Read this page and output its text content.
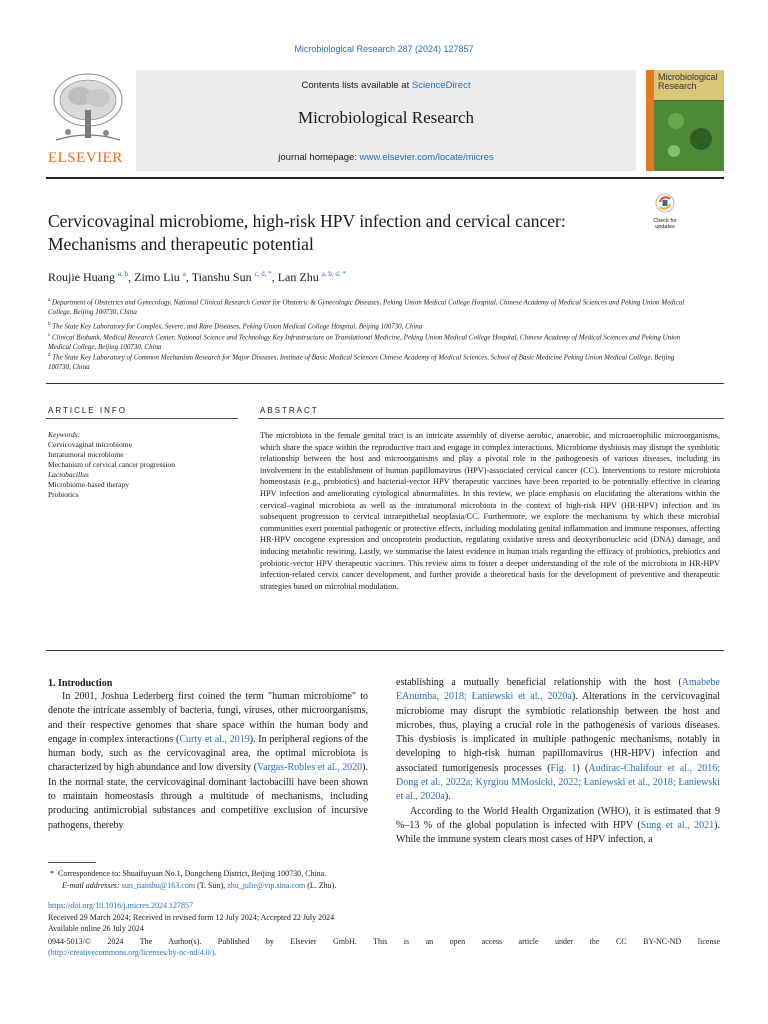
Microbiological Research 287 (2024) 127857
ELSEVIER
Contents lists available at ScienceDirect
Microbiological Research
journal homepage: www.elsevier.com/locate/micres
Microbiological Research
Cervicovaginal microbiome, high-risk HPV infection and cervical cancer: Mechanisms and therapeutic potential
Check for updates
Roujie Huang $^{a, b}$, Zimo Liu $^a$, Tianshu Sun $^{c, d, *}$, Lan Zhu $^{a, b, d, *}$
$^a$ Department of Obstetrics and Gynecology, National Clinical Research Center for Obstetric & Gynecologic Diseases, Peking Union Medical College Hospital, Chinese Academy of Medical Sciences and Peking Union Medical College, Beijing 100730, China
$^b$ The State Key Laboratory for Complex, Severe, and Rare Diseases, Peking Union Medical College Hospital, Beijing 100730, China
$^c$ Clinical Biobank, Medical Research Center, National Science and Technology Key Infrastructure on Translational Medicine, Peking Union Medical College Hospital, Chinese Academy of Medical Sciences and Peking Union Medical College, Beijing 100730, China
$^d$ The State Key Laboratory of Common Mechanism Research for Major Diseases, Institute of Basic Medical Sciences Chinese Academy of Medical Sciences, School of Basic Medicine Peking Union Medical College, Beijing 100730, China
ARTICLE INFO	ABSTRACT
Keywords:
Cervicovaginal microbiome
Intratumoral microbiome
Mechanism of cervical cancer progression
Lactobacillus
Microbiome-based therapy
Probiotics
The microbiota in the female genital tract is an intricate assembly of diverse aerobic, anaerobic, and microaerophilic microorganisms, which share the space within the reproductive tract and engage in complex interactions. Microbiome dysbiosis may disrupt the symbiotic relationship between the host and microorganisms and play a pivotal role in the pathogenesis of various diseases, including its involvement in the establishment of human papillomavirus (HPV)-associated cervical cancer (CC). Interventions to restore microbiota homeostasis (e.g., probiotics) and bacterial-vector HPV therapeutic vaccines have been reported to be potentially effective in clearing HPV infection and ameliorating cytological abnormalities. In this review, we place emphasis on elucidating the alterations within the cervical–vaginal microbiota as well as the intratumoral microbiota in the context of high-risk HPV (HR-HPV) infection and its subsequent progression to cervical intraepithelial neoplasia/CC. Furthermore, we explore the mechanisms by which these microbial communities exert potential pathogenic or protective effects, including modulating genital inflammation and immune responses, affecting HR-HPV oncogene expression and oncoprotein production, regulating oxidative stress and deoxyribonucleic acid (DNA) damage, and inducing metabolic rewiring. Lastly, we summarise the latest evidence in human trials regarding the efficacy of probiotics, prebiotics and probiotic-vector HPV therapeutic vaccines. This review aims to foster a deeper understanding of the role of the microbiota in HR-HPV infection-related cervix cancer development, and further provide a theoretical basis for the development of preventive and therapeutic strategies based on microbial modulation.
1. Introduction
In 2001, Joshua Lederberg first coined the term "human microbiome" to denote the intricate assembly of bacteria, fungi, viruses, other microorganisms, and their respective genomes that share space within the human body and engage in complex interactions (Curty et al., 2019). In peripheral regions of the human body, such as the cervicovaginal area, the optimal microbiota is characterized by high abundance and low diversity (Vargas-Robles et al., 2020). In the normal state, the cervicovaginal dominant lactobacilli have been shown to maintain homeostasis through a multitude of mechanisms, including producing antimicrobial substances and competitive exclusion of incursive pathogens, thereby
establishing a mutually beneficial relationship with the host (Amabebe EAnumba, 2018; Łaniewski et al., 2020a). Alterations in the cervicovaginal microbiome may disrupt the symbiotic relationship between the host and microbes, thus, playing a crucial role in the pathogenesis of various diseases. This dysbiosis is implicated in multiple pathogenic mechanisms, notably in developing to high-risk human papillomavirus (HR-HPV) infection and associated tumorigenesis processes (Fig. 1) (Audirac-Chalifour et al., 2016; Dong et al., 2022a; Kyrgiou MMosicki, 2022; Łaniewski et al., 2018; Łaniewski et al., 2020a).
According to the World Health Organization (WHO), it is estimated that 9 %–13 % of the global population is infected with HPV (Sung et al., 2021). While the immune system clears most cases of HPV infection, a
*  Correspondence to: Shuaifuyuan No.1, Dongcheng District, Beijing 100730, China.
E-mail addresses: sun_tianshu@163.com (T. Sun), zhu_julie@vip.sina.com (L. Zhu).
https://doi.org/10.1016/j.micres.2024.127857
Received 29 March 2024; Received in revised form 12 July 2024; Accepted 22 July 2024
Available online 26 July 2024
0944-5013/© 2024 The Author(s). Published by Elsevier GmbH. This is an open access article under the CC BY-NC-ND license
(http://creativecommons.org/licenses/by-nc-nd/4.0/).
